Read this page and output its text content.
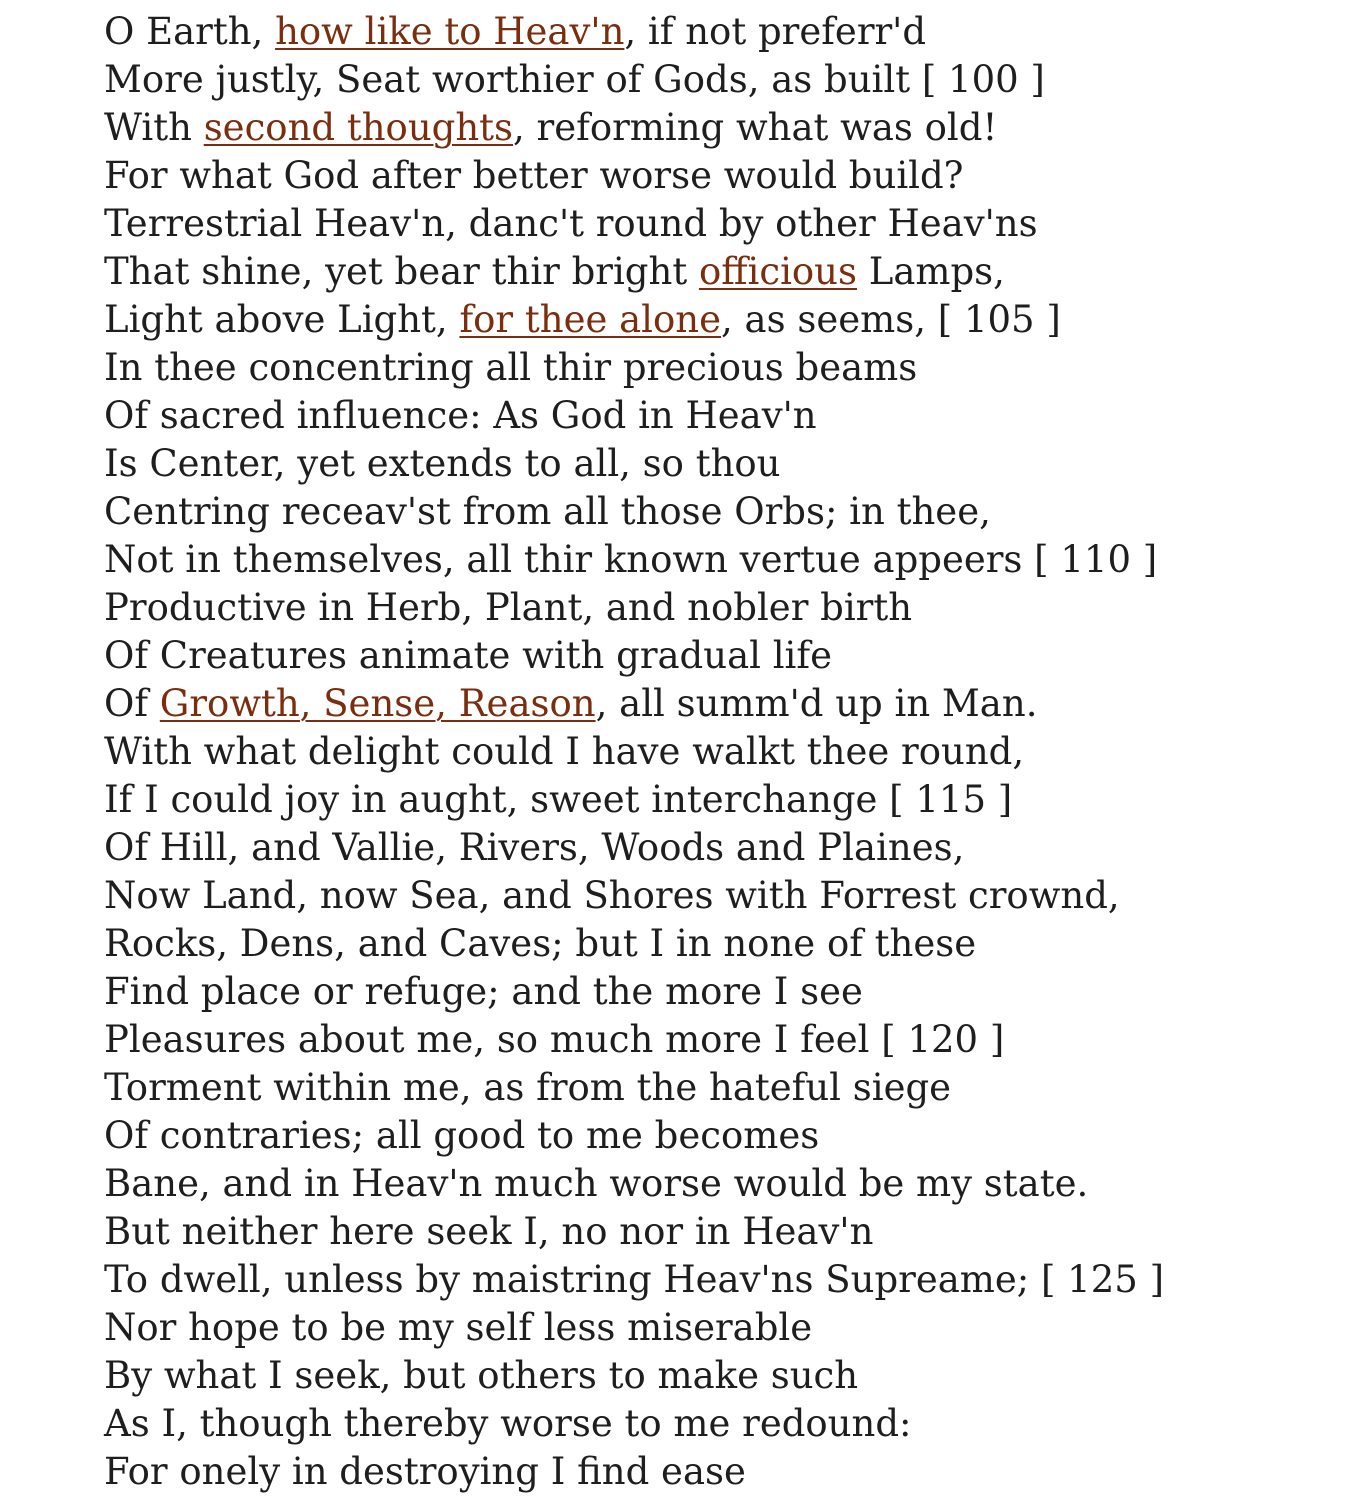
O Earth, how like to Heav'n, if not preferr'd
More justly, Seat worthier of Gods, as built [ 100 ]
With second thoughts, reforming what was old!
For what God after better worse would build?
Terrestrial Heav'n, danc't round by other Heav'ns
That shine, yet bear thir bright officious Lamps,
Light above Light, for thee alone, as seems, [ 105 ]
In thee concentring all thir precious beams
Of sacred influence: As God in Heav'n
Is Center, yet extends to all, so thou
Centring receav'st from all those Orbs; in thee,
Not in themselves, all thir known vertue appeers [ 110 ]
Productive in Herb, Plant, and nobler birth
Of Creatures animate with gradual life
Of Growth, Sense, Reason, all summ'd up in Man.
With what delight could I have walkt thee round,
If I could joy in aught, sweet interchange [ 115 ]
Of Hill, and Vallie, Rivers, Woods and Plaines,
Now Land, now Sea, and Shores with Forrest crownd,
Rocks, Dens, and Caves; but I in none of these
Find place or refuge; and the more I see
Pleasures about me, so much more I feel [ 120 ]
Torment within me, as from the hateful siege
Of contraries; all good to me becomes
Bane, and in Heav'n much worse would be my state.
But neither here seek I, no nor in Heav'n
To dwell, unless by maistring Heav'ns Supreame; [ 125 ]
Nor hope to be my self less miserable
By what I seek, but others to make such
As I, though thereby worse to me redound:
For onely in destroying I find ease
